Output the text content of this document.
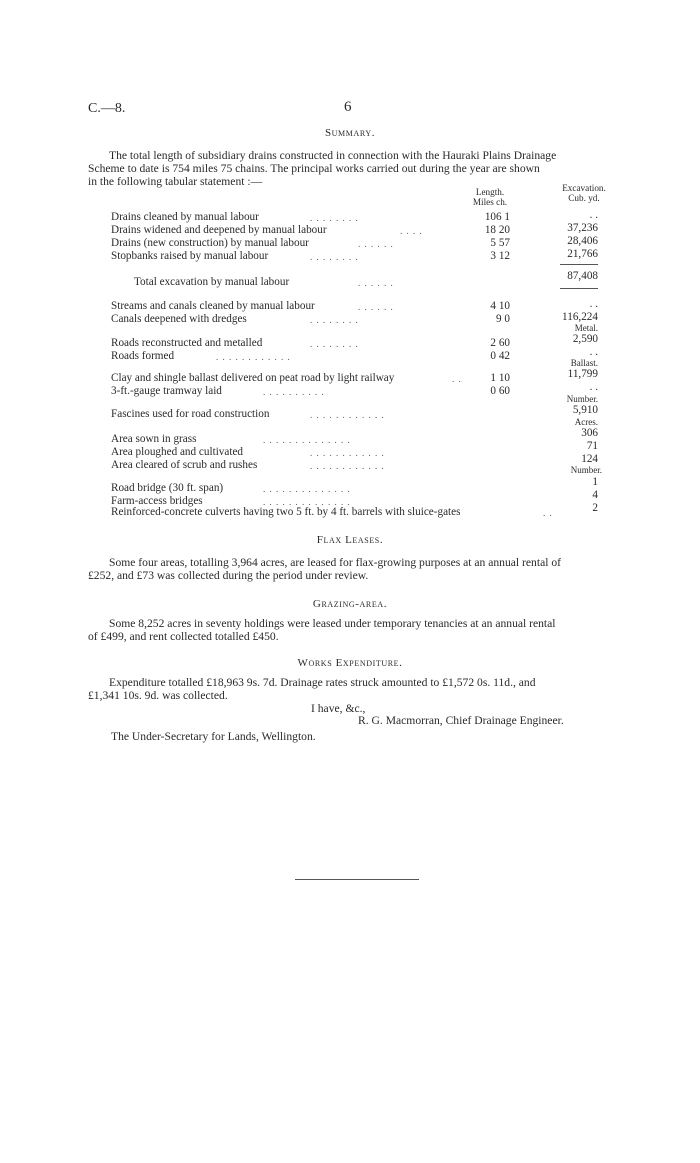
C.—8.	6
Summary.
The total length of subsidiary drains constructed in connection with the Hauraki Plains Drainage
Scheme to date is 754 miles 75 chains. The principal works carried out during the year are shown
in the following tabular statement :—
Length.
Miles ch.
Excavation.
Cub. yd.
Drains cleaned by manual labour
Drains widened and deepened by manual labour
Drains (new construction) by manual labour
Stopbanks raised by manual labour
Total excavation by manual labour
Streams and canals cleaned by manual labour
Canals deepened with dredges
Roads reconstructed and metalled
Roads formed
Clay and shingle ballast delivered on peat road by light railway
3-ft.-gauge tramway laid
Fascines used for road construction
Area sown in grass
Area ploughed and cultivated
Area cleared of scrub and rushes
Road bridge (30 ft. span)
Farm-access bridges
Reinforced-concrete culverts having two 5 ft. by 4 ft. barrels with sluice-gates
. . . . . . . .
. . . .
. . . . . .
. . . . . . . .
. . . . . .
. . . . . .
. . . . . . . .
. . . . . . . .
. . . . . . . . . . . .
. .
. . . . . . . . . .
. . . . . . . . . . . .
. . . . . . . . . . . . . .
. . . . . . . . . . . .
. . . . . . . . . . . .
. . . . . . . . . . . . . .
. . . . . . . . . . . . . .
. .
106 1
18 20
5 57
3 12
4 10
9 0
2 60
0 42
1 10
0 60
. .
37,236
28,406
21,766
87,408
. .
116,224
Metal.
2,590
. .
Ballast.
11,799
. .
Number.
5,910
Acres.
306
71
124
Number.
1
4
2
Flax Leases.
Some four areas, totalling 3,964 acres, are leased for flax-growing purposes at an annual rental of
£252, and £73 was collected during the period under review.
Grazing-area.
Some 8,252 acres in seventy holdings were leased under temporary tenancies at an annual rental
of £499, and rent collected totalled £450.
Works Expenditure.
Expenditure totalled £18,963 9s. 7d. Drainage rates struck amounted to £1,572 0s. 11d., and
£1,341 10s. 9d. was collected.
I have, &c.,
R. G. Macmorran, Chief Drainage Engineer.
The Under-Secretary for Lands, Wellington.
